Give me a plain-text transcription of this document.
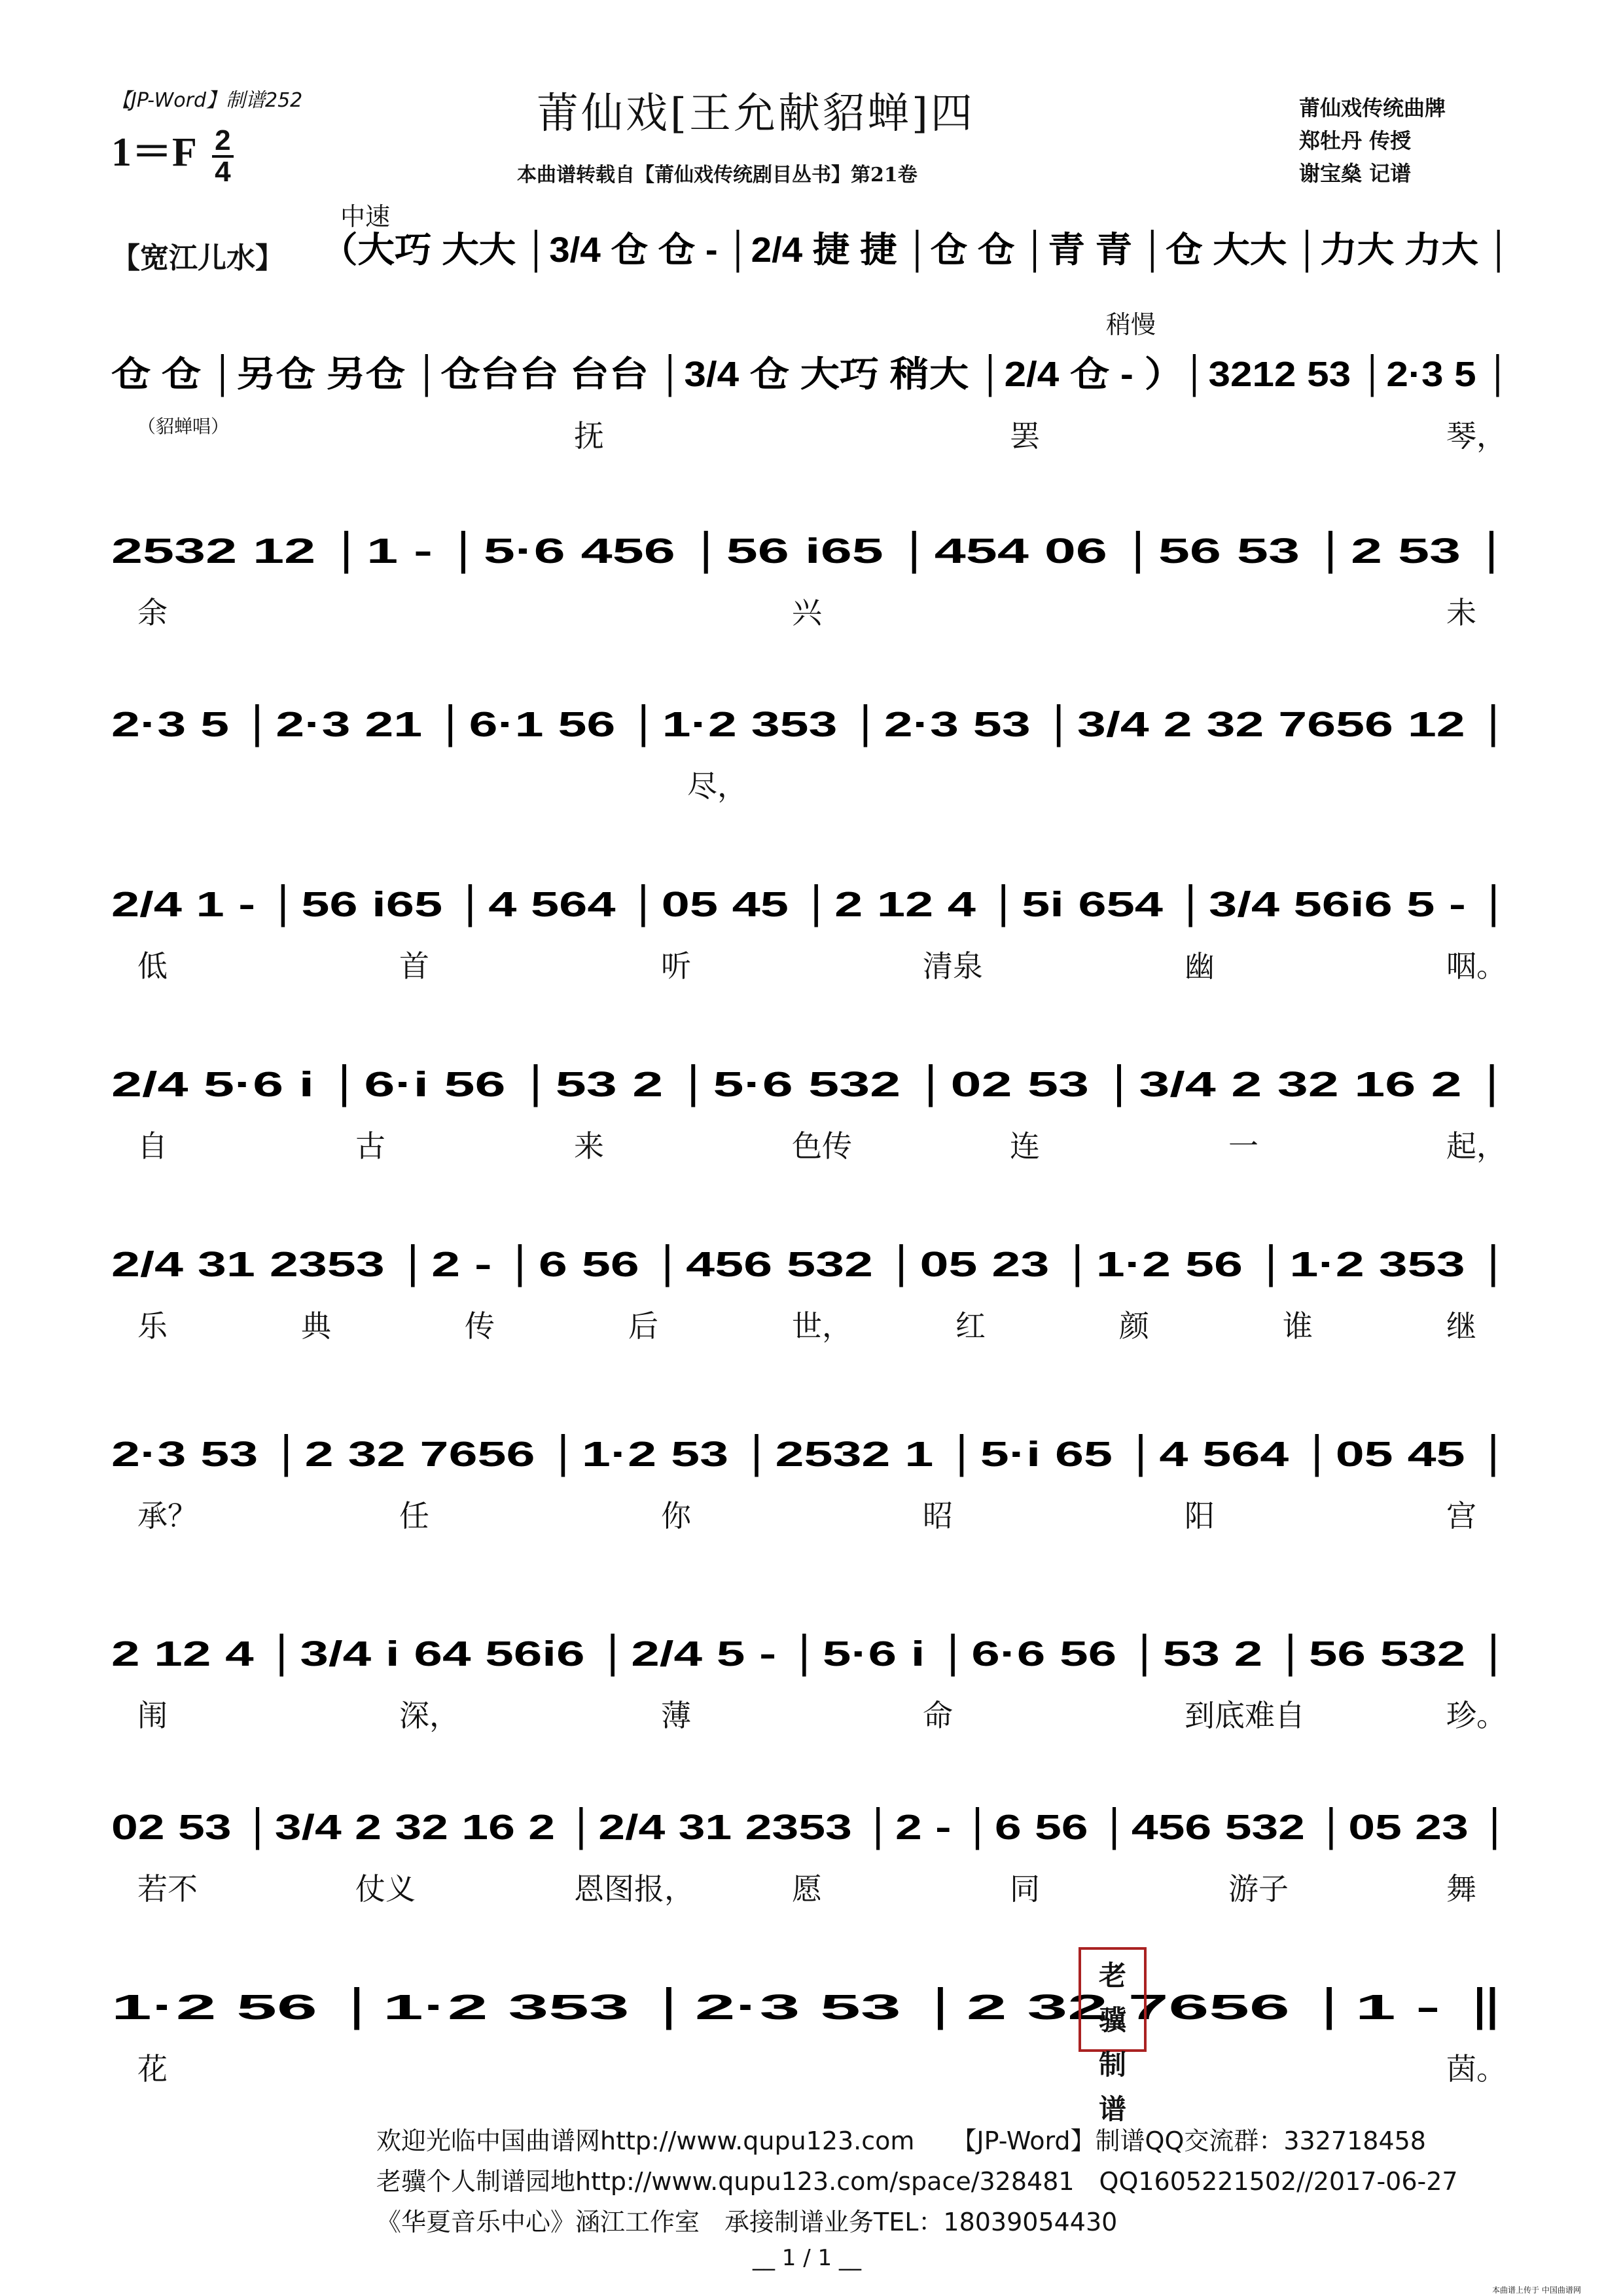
【JP-Word】制谱252
$1=F \frac{2}{4}$
莆仙戏[王允献貂蝉]四
本曲谱转载自【莆仙戏传统剧目丛书】第21卷
莆仙戏传统曲牌
郑牡丹 传授
谢宝燊 记谱
中速
稍慢
【宽江儿水】 （大巧 大大 │3/4 仓 仓 - │2/4 捷 捷 │仓 仓 │青 青 │仓 大大 │力大 力大 │
仓 仓 │另仓 另仓 │仓台台 台台 │3/4 仓 大巧 稍大 │2/4 仓 - ）│3212 53 │2·3 5 │
（貂蝉唱）	抚	罢	琴，
2532 12 │1 - │5·6 456 │56 i65 │454 06 │56 53 │2 53 │
余	兴	未
2·3 5 │2·3 21 │6·1 56 │1·2 353 │2·3 53 │3/4 2 32 7656 12 │
尽，
2/4 1 - │56 i65 │4 564 │05 45 │2 12 4 │5i 654 │3/4 56i6 5 - │
低	首	听	清泉	幽	咽。
2/4 5·6 i │6·i 56 │53 2 │5·6 532 │02 53 │3/4 2 32 16 2 │
自	古	来	色传	连	一	起，
2/4 31 2353 │2 - │6 56 │456 532 │05 23 │1·2 56 │1·2 353 │
乐	典	传	后	世，	红	颜	谁	继
2·3 53 │2 32 7656 │1·2 53 │2532 1 │5·i 65 │4 564 │05 45 │
承？	任	你	昭	阳	宫
2 12 4 │3/4 i 64 56i6 │2/4 5 - │5·6 i │6·6 56 │53 2 │56 532 │
闱	深，	薄	命	到底难自	珍。
02 53 │3/4 2 32 16 2 │2/4 31 2353 │2 - │6 56 │456 532 │05 23 │
若不	仗义	恩图报，	愿	同	游子	舞
1·2 56 │1·2 353 │2·3 53 │2 32 7656 │1 - ║
花	茵。
老骥制谱
欢迎光临中国曲谱网http://www.qupu123.com　　【JP-Word】制谱QQ交流群：332718458
老骥个人制谱园地http://www.qupu123.com/space/328481　QQ1605221502//2017-06-27
《华夏音乐中心》涵江工作室　承接制谱业务TEL：18039054430
__ 1 / 1 __
本曲谱上传于 中国曲谱网
